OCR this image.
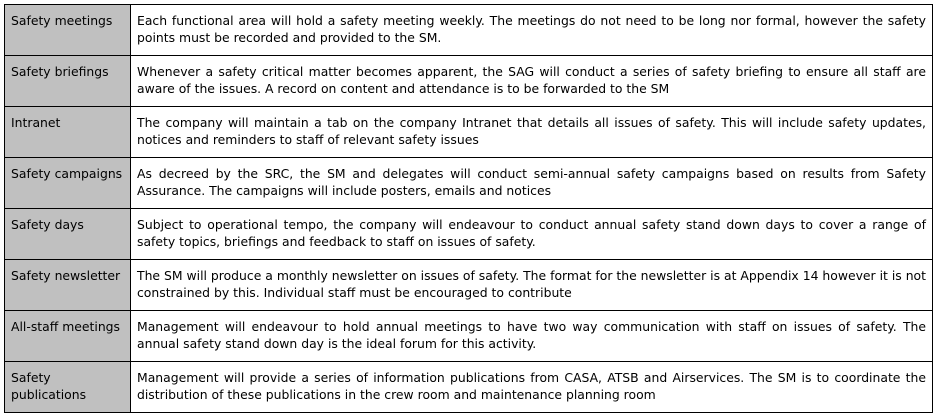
Safety meetings	Each functional area will hold a safety meeting weekly. The meetings do not need to be long nor formal, however the safety points must be recorded and provided to the SM.
Safety briefings	Whenever a safety critical matter becomes apparent, the SAG will conduct a series of safety briefing to ensure all staff are aware of the issues. A record on content and attendance is to be forwarded to the SM
Intranet	The company will maintain a tab on the company Intranet that details all issues of safety. This will include safety updates, notices and reminders to staff of relevant safety issues
Safety campaigns	As decreed by the SRC, the SM and delegates will conduct semi-annual safety campaigns based on results from Safety Assurance. The campaigns will include posters, emails and notices
Safety days	Subject to operational tempo, the company will endeavour to conduct annual safety stand down days to cover a range of safety topics, briefings and feedback to staff on issues of safety.
Safety newsletter	The SM will produce a monthly newsletter on issues of safety. The format for the newsletter is at Appendix 14 however it is not constrained by this. Individual staff must be encouraged to contribute
All-staff meetings	Management will endeavour to hold annual meetings to have two way communication with staff on issues of safety. The annual safety stand down day is the ideal forum for this activity.
Safety publications	Management will provide a series of information publications from CASA, ATSB and Airservices. The SM is to coordinate the distribution of these publications in the crew room and maintenance planning room
